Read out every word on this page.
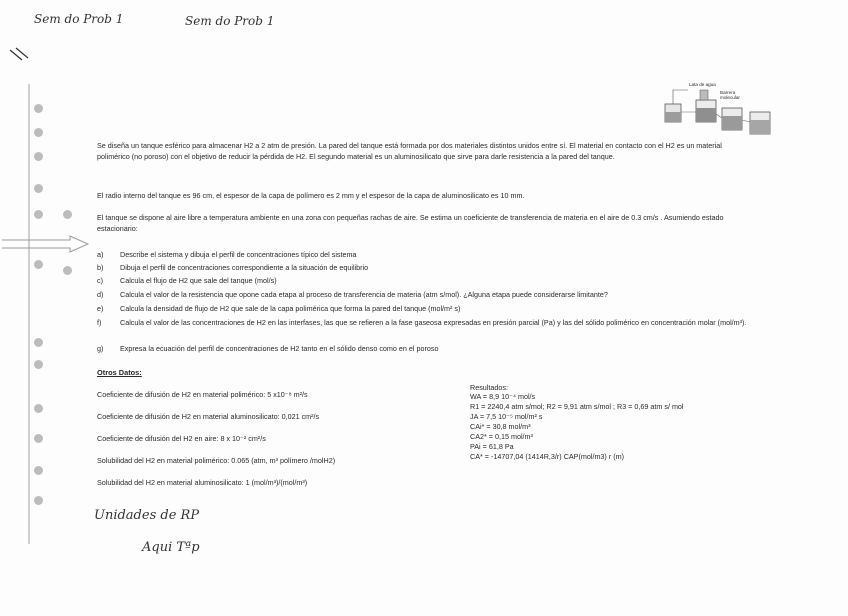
Sem do Prob 1	Sem do Prob 1
Lata de agua
Barrera molecular
Se diseña un tanque esférico para almacenar H2 a 2 atm de presión. La pared del tanque está formada por dos materiales distintos unidos entre sí. El material en contacto con el H2 es un material polimérico (no poroso) con el objetivo de reducir la pérdida de H2. El segundo material es un aluminosilicato que sirve para darle resistencia a la pared del tanque.
El radio interno del tanque es 96 cm, el espesor de la capa de polímero es 2 mm y el espesor de la capa de aluminosilicato es 10 mm.
El tanque se dispone al aire libre a temperatura ambiente en una zona con pequeñas rachas de aire. Se estima un coeficiente de transferencia de materia en el aire de 0.3 cm/s . Asumiendo estado estacionario:
a) Describe el sistema y dibuja el perfil de concentraciones típico del sistema
b) Dibuja el perfil de concentraciones correspondiente a la situación de equilibrio
c) Calcula el flujo de H2 que sale del tanque (mol/s)
d) Calcula el valor de la resistencia que opone cada etapa al proceso de transferencia de materia (atm s/mol). ¿Alguna etapa puede considerarse limitante?
e) Calcula la densidad de flujo de H2 que sale de la capa polimérica que forma la pared del tanque (mol/m² s)
f)	Calcula el valor de las concentraciones de H2 en las interfases, las que se refieren a la fase gaseosa expresadas en presión parcial (Pa) y las del sólido polimérico en concentración molar (mol/m³).
g) Expresa la ecuación del perfil de concentraciones de H2 tanto en el sólido denso como en el poroso
Otros Datos:
Coeficiente de difusión de H2 en material polimérico: 5 x10⁻⁸ m²/s
Coeficiente de difusión de H2 en material aluminosilicato: 0,021 cm²/s
Coeficiente de difusión del H2 en aire: 8 x 10⁻² cm²/s
Solubilidad del H2 en material polimérico: 0.065 (atm, m³ polímero /molH2)
Solubilidad del H2 en material aluminosilicato: 1 (mol/m³)/(mol/m³)
Resultados:
WA = 8,9 10⁻⁴ mol/s
R1 = 2240,4 atm s/mol; R2 = 9,91 atm s/mol ; R3 = 0,69 atm s/ mol
JA = 7,5 10⁻⁵ mol/m² s
CAi* = 30,8 mol/m³
CA2* = 0,15 mol/m³
PAi = 61,8 Pa
CA* = -14707,04 (1414R,3/r) CAP(mol/m3) r (m)
Unidades de RP
Aqui Tªp
